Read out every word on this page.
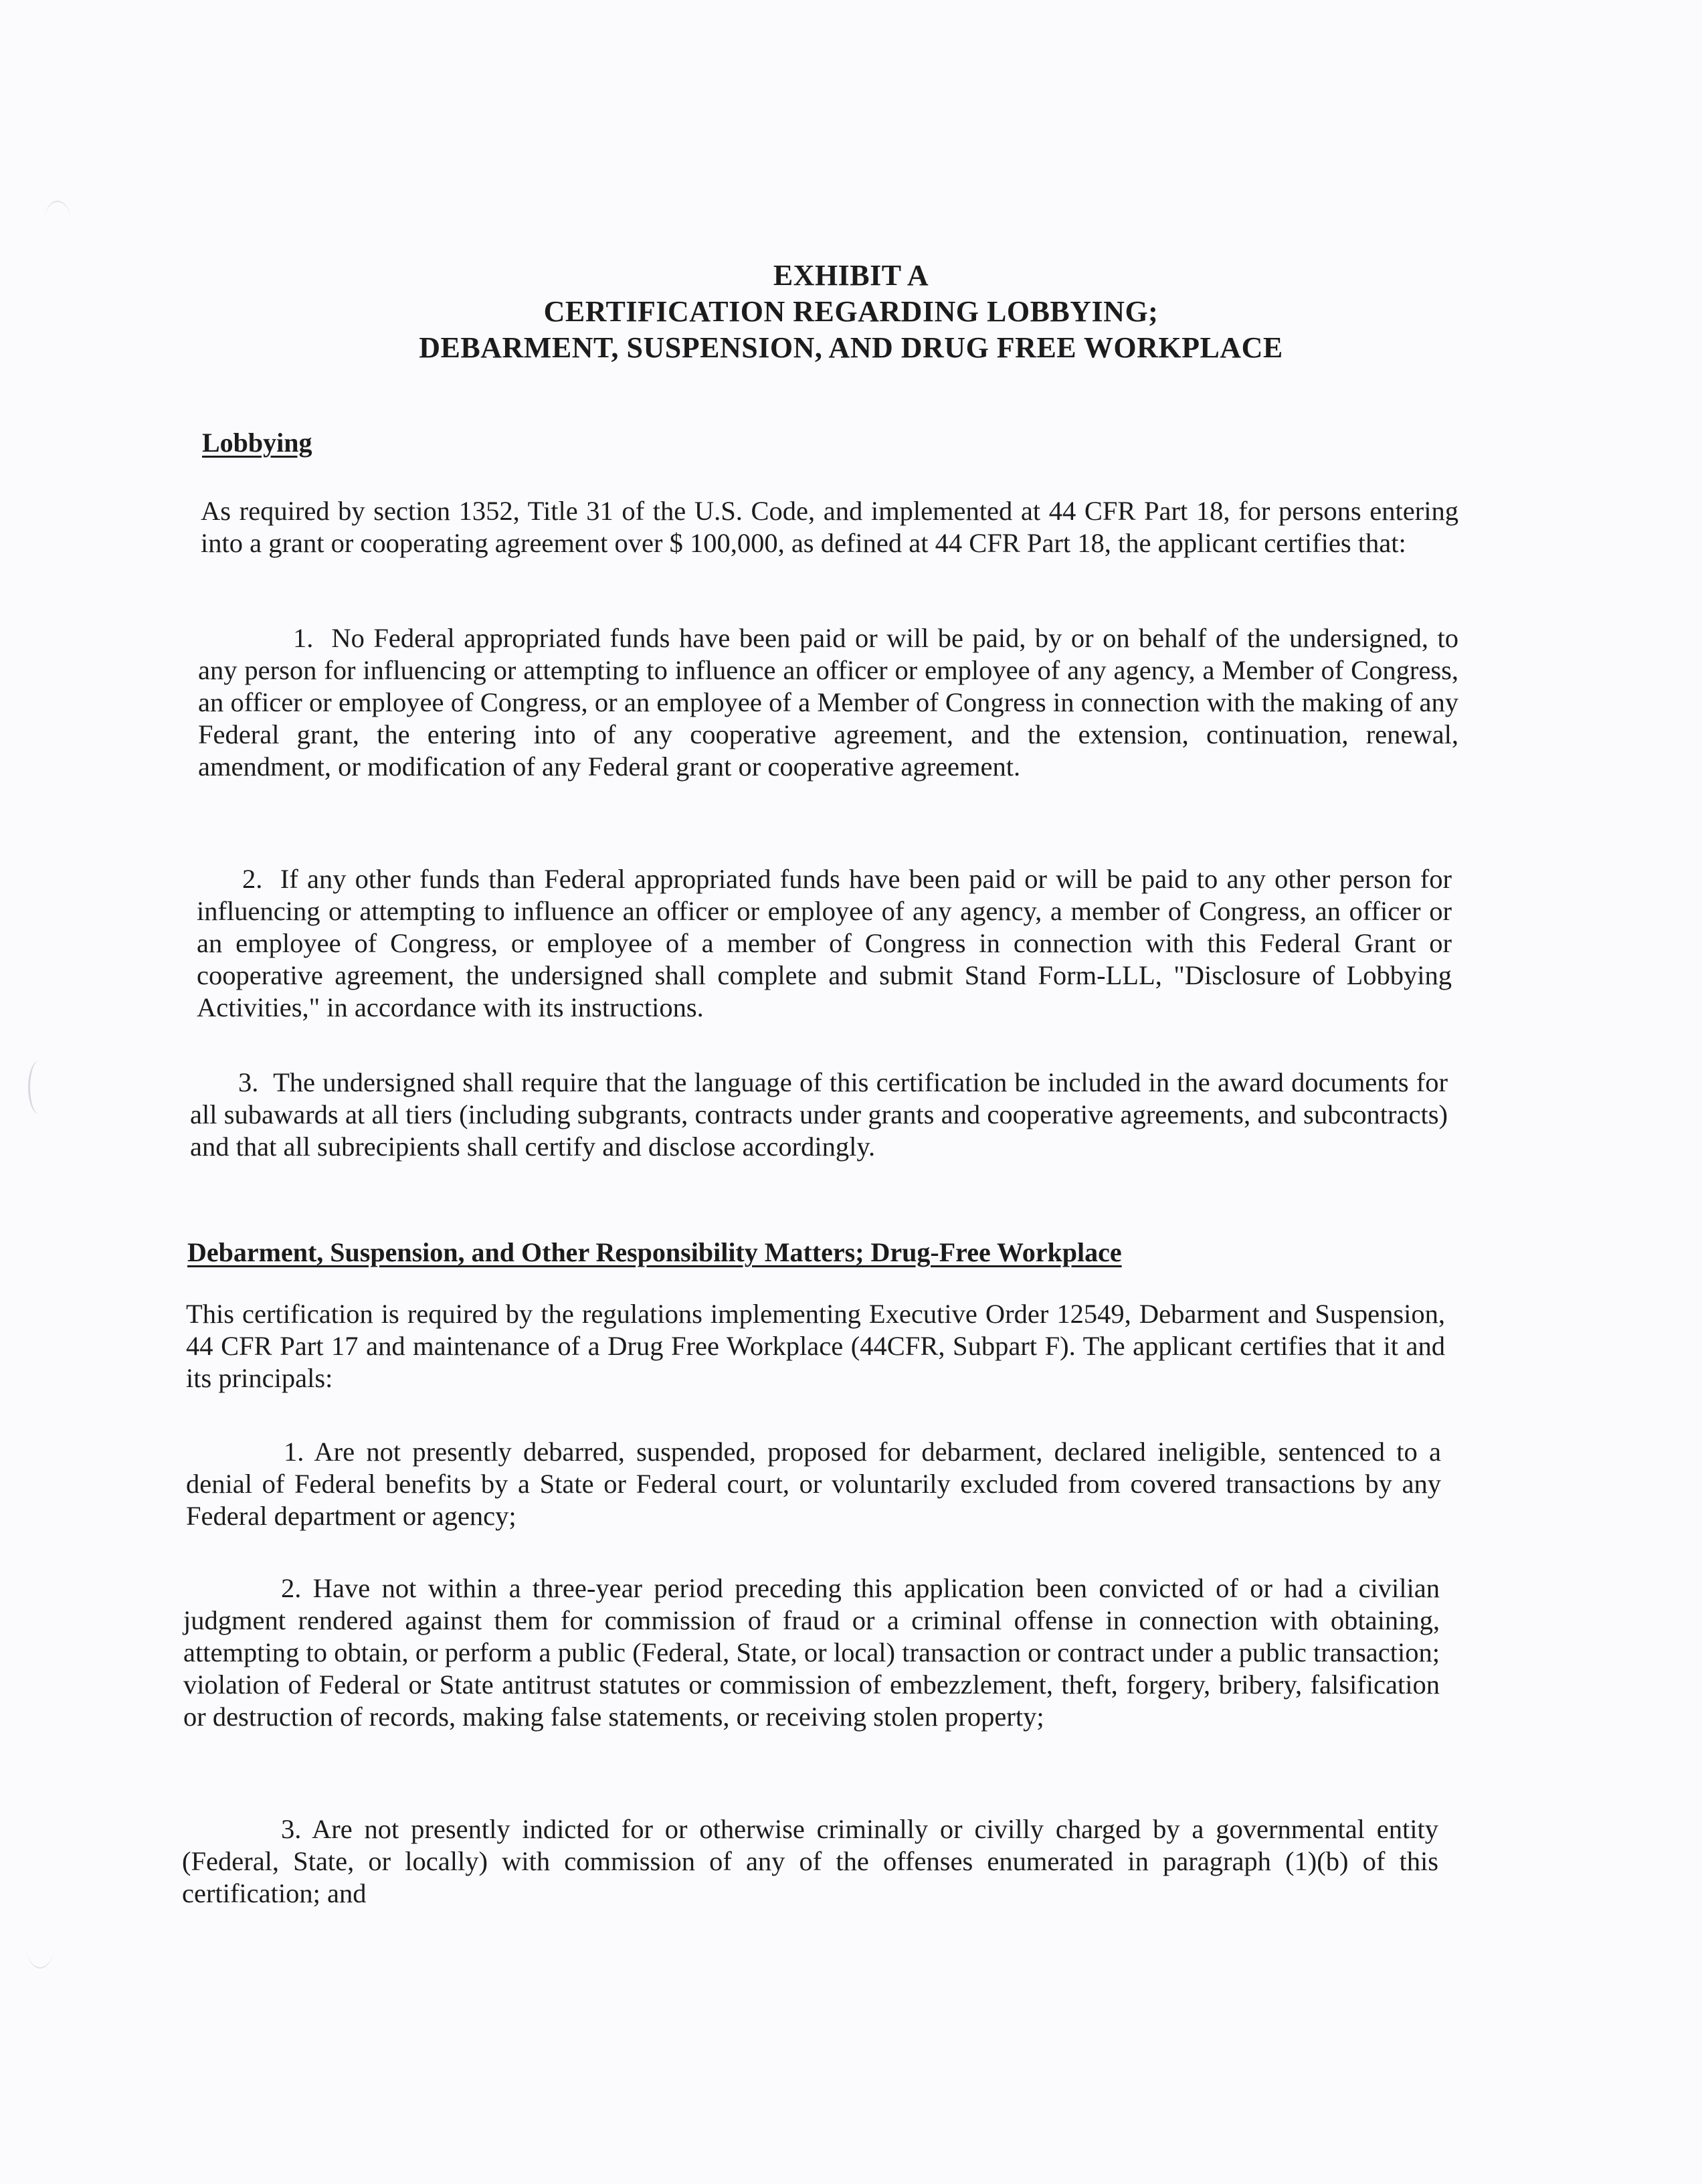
EXHIBIT A
CERTIFICATION REGARDING LOBBYING;
DEBARMENT, SUSPENSION, AND DRUG FREE WORKPLACE
Lobbying
As required by section 1352, Title 31 of the U.S. Code, and implemented at 44 CFR Part 18, for persons entering into a grant or cooperating agreement over $ 100,000, as defined at 44 CFR Part 18, the applicant certifies that:
1. No Federal appropriated funds have been paid or will be paid, by or on behalf of the undersigned, to any person for influencing or attempting to influence an officer or employee of any agency, a Member of Congress, an officer or employee of Congress, or an employee of a Member of Congress in connection with the making of any Federal grant, the entering into of any cooperative agreement, and the extension, continuation, renewal, amendment, or modification of any Federal grant or cooperative agreement.
2. If any other funds than Federal appropriated funds have been paid or will be paid to any other person for influencing or attempting to influence an officer or employee of any agency, a member of Congress, an officer or an employee of Congress, or employee of a member of Congress in connection with this Federal Grant or cooperative agreement, the undersigned shall complete and submit Stand Form-LLL, "Disclosure of Lobbying Activities," in accordance with its instructions.
3. The undersigned shall require that the language of this certification be included in the award documents for all subawards at all tiers (including subgrants, contracts under grants and cooperative agreements, and subcontracts) and that all subrecipients shall certify and disclose accordingly.
Debarment, Suspension, and Other Responsibility Matters; Drug-Free Workplace
This certification is required by the regulations implementing Executive Order 12549, Debarment and Suspension, 44 CFR Part 17 and maintenance of a Drug Free Workplace (44CFR, Subpart F). The applicant certifies that it and its principals:
1. Are not presently debarred, suspended, proposed for debarment, declared ineligible, sentenced to a denial of Federal benefits by a State or Federal court, or voluntarily excluded from covered transactions by any Federal department or agency;
2. Have not within a three-year period preceding this application been convicted of or had a civilian judgment rendered against them for commission of fraud or a criminal offense in connection with obtaining, attempting to obtain, or perform a public (Federal, State, or local) transaction or contract under a public transaction; violation of Federal or State antitrust statutes or commission of embezzlement, theft, forgery, bribery, falsification or destruction of records, making false statements, or receiving stolen property;
3. Are not presently indicted for or otherwise criminally or civilly charged by a governmental entity (Federal, State, or locally) with commission of any of the offenses enumerated in paragraph (1)(b) of this certification; and
